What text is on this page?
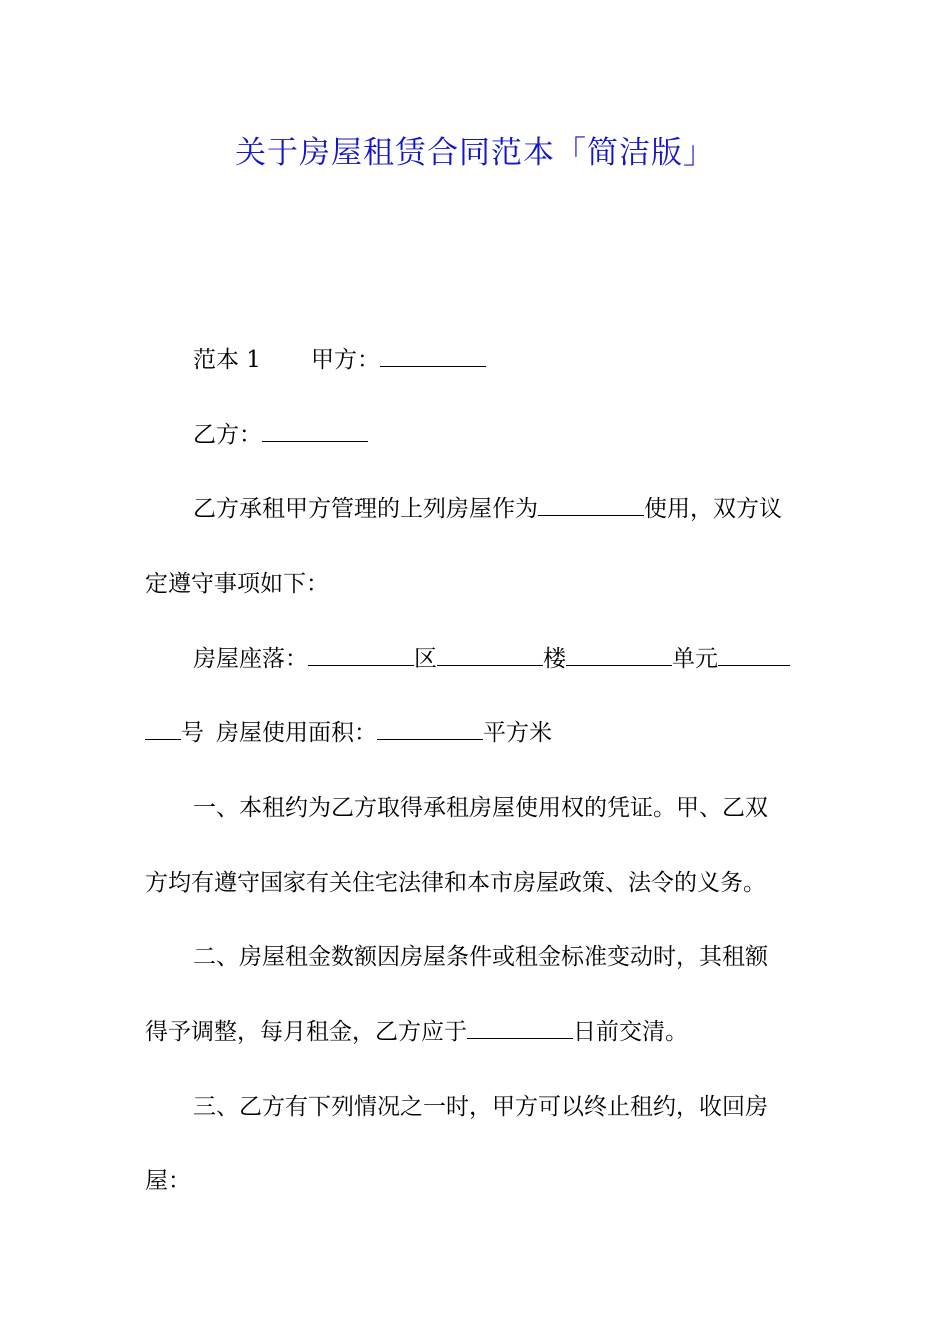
关于房屋租赁合同范本「简洁版」
范本 1 甲方：
乙方：
乙方承租甲方管理的上列房屋作为	使用，双方议
定遵守事项如下：
房屋座落：	区	楼	单元
号 房屋使用面积：	平方米
一、本租约为乙方取得承租房屋使用权的凭证。甲、乙双
方均有遵守国家有关住宅法律和本市房屋政策、法令的义务。
二、房屋租金数额因房屋条件或租金标准变动时，其租额
得予调整，每月租金，乙方应于	日前交清。
三、乙方有下列情况之一时，甲方可以终止租约，收回房
屋：
